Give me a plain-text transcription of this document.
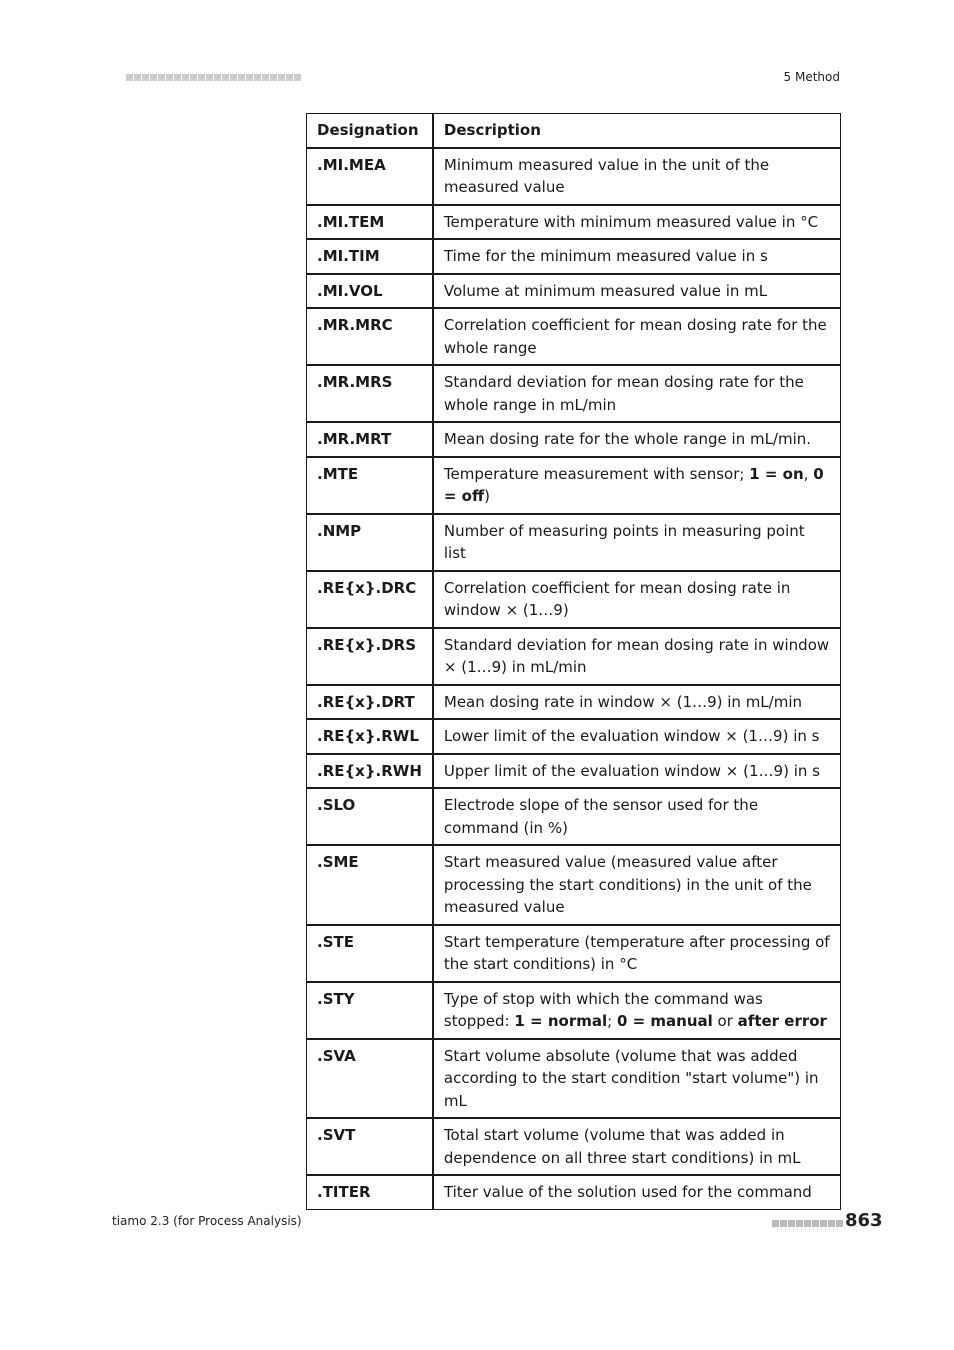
5 Method
Designation	Description
.MI.MEA	Minimum measured value in the unit of the measured value
.MI.TEM	Temperature with minimum measured value in °C
.MI.TIM	Time for the minimum measured value in s
.MI.VOL	Volume at minimum measured value in mL
.MR.MRC	Correlation coefficient for mean dosing rate for the whole range
.MR.MRS	Standard deviation for mean dosing rate for the whole range in mL/min
.MR.MRT	Mean dosing rate for the whole range in mL/min.
.MTE	Temperature measurement with sensor; 1 = on, 0 = off)
.NMP	Number of measuring points in measuring point list
.RE{x}.DRC	Correlation coefficient for mean dosing rate in window × (1…9)
.RE{x}.DRS	Standard deviation for mean dosing rate in window × (1…9) in mL/min
.RE{x}.DRT	Mean dosing rate in window × (1…9) in mL/min
.RE{x}.RWL	Lower limit of the evaluation window × (1…9) in s
.RE{x}.RWH	Upper limit of the evaluation window × (1…9) in s
.SLO	Electrode slope of the sensor used for the command (in %)
.SME	Start measured value (measured value after processing the start conditions) in the unit of the measured value
.STE	Start temperature (temperature after processing of the start conditions) in °C
.STY	Type of stop with which the command was stopped: 1 = normal; 0 = manual or after error
.SVA	Start volume absolute (volume that was added according to the start condition "start volume") in mL
.SVT	Total start volume (volume that was added in dependence on all three start conditions) in mL
.TITER	Titer value of the solution used for the command
tiamo 2.3 (for Process Analysis)	863
